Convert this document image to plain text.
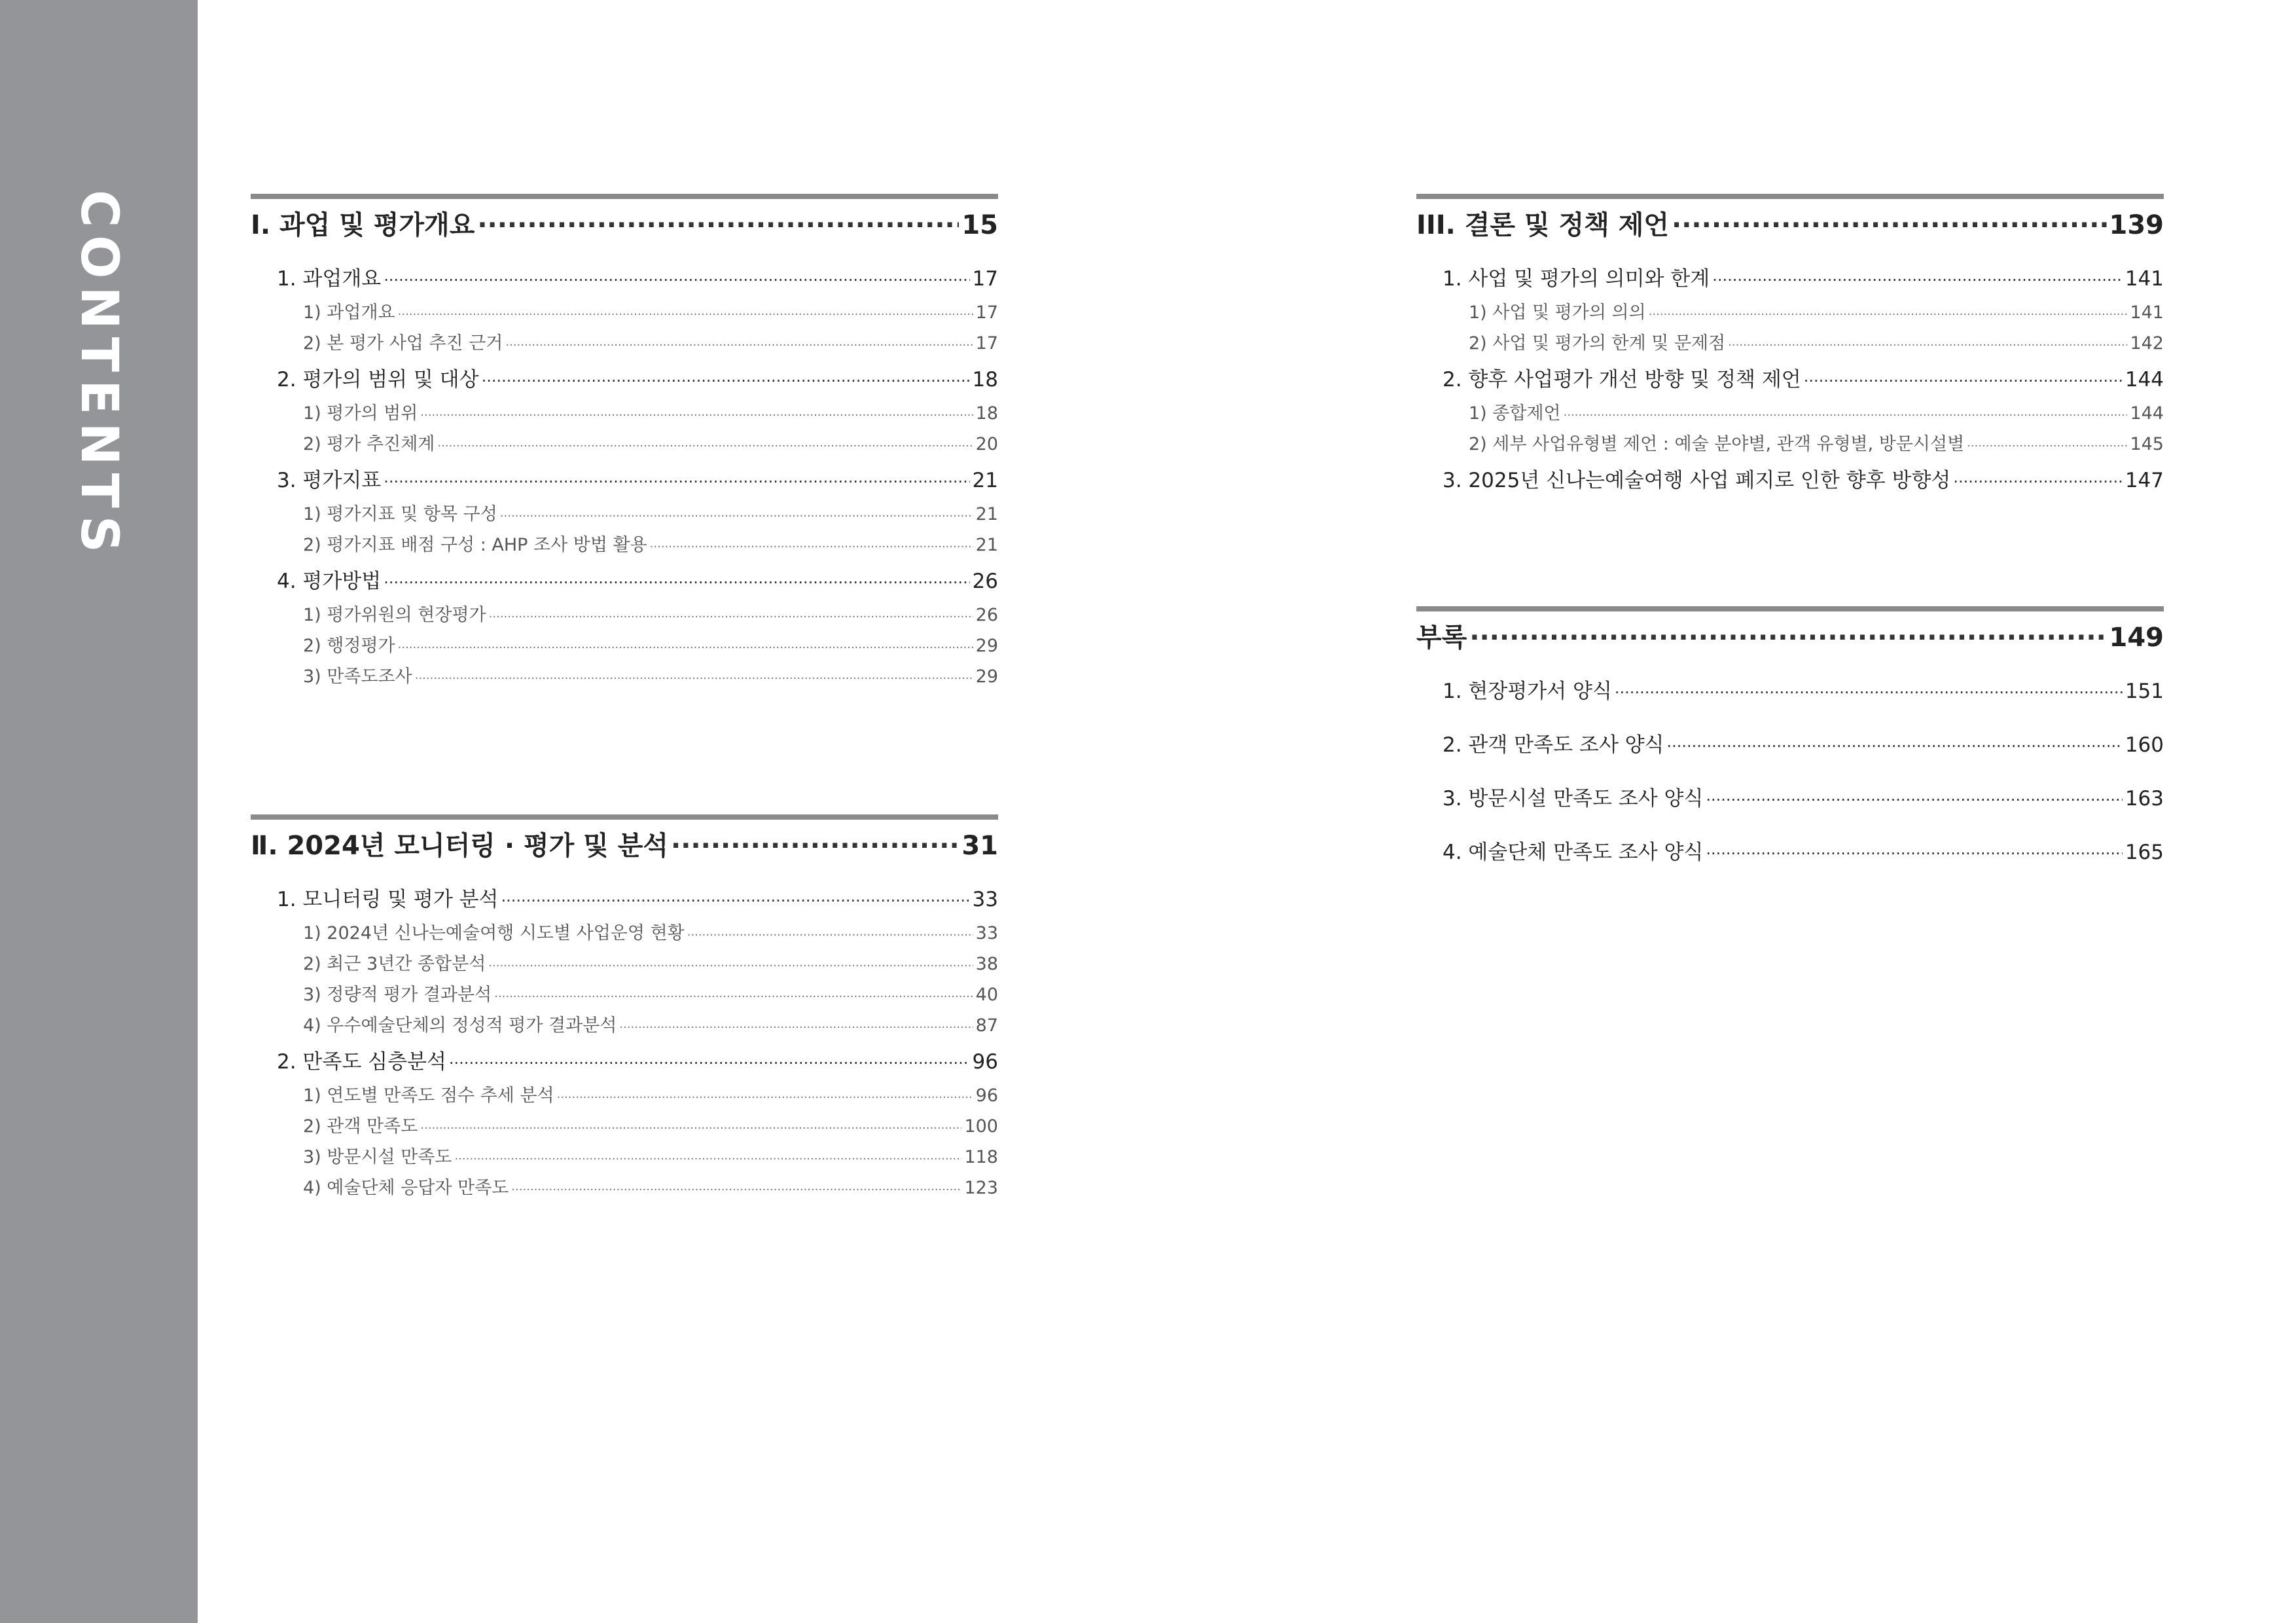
CONTENTS	Ⅰ. 과업 및 평가개요 ·····	15
1. 과업개요 ·····	17
1) 과업개요 ·····	17
2) 본 평가 사업 추진 근거 ·····	17
2. 평가의 범위 및 대상 ·····	18
1) 평가의 범위 ·····	18
2) 평가 추진체계 ·····	20
3. 평가지표 ·····	21
1) 평가지표 및 항목 구성 ·····	21
2) 평가지표 배점 구성 : AHP 조사 방법 활용 ·····	21
4. 평가방법 ·····	26
1) 평가위원의 현장평가 ·····	26
2) 행정평가 ·····	29
3) 만족도조사 ·····	29
Ⅱ. 2024년 모니터링 · 평가 및 분석 ·····	31
1. 모니터링 및 평가 분석 ·····	33
1) 2024년 신나는예술여행 시도별 사업운영 현황 ·····	33
2) 최근 3년간 종합분석 ·····	38
3) 정량적 평가 결과분석 ·····	40
4) 우수예술단체의 정성적 평가 결과분석 ·····	87
2. 만족도 심층분석 ·····	96
1) 연도별 만족도 점수 추세 분석 ·····	96
2) 관객 만족도 ·····	100
3) 방문시설 만족도 ·····	118
4) 예술단체 응답자 만족도 ·····	123
III. 결론 및 정책 제언 ·····	139
1. 사업 및 평가의 의미와 한계 ·····	141
1) 사업 및 평가의 의의 ·····	141
2) 사업 및 평가의 한계 및 문제점 ·····	142
2. 향후 사업평가 개선 방향 및 정책 제언 ·····	144
1) 종합제언 ·····	144
2) 세부 사업유형별 제언 : 예술 분야별, 관객 유형별, 방문시설별 ·····	145
3. 2025년 신나는예술여행 사업 폐지로 인한 향후 방향성 ·····	147
부록 ·····	149
1. 현장평가서 양식 ·····	151
2. 관객 만족도 조사 양식 ·····	160
3. 방문시설 만족도 조사 양식 ·····	163
4. 예술단체 만족도 조사 양식 ·····	165
